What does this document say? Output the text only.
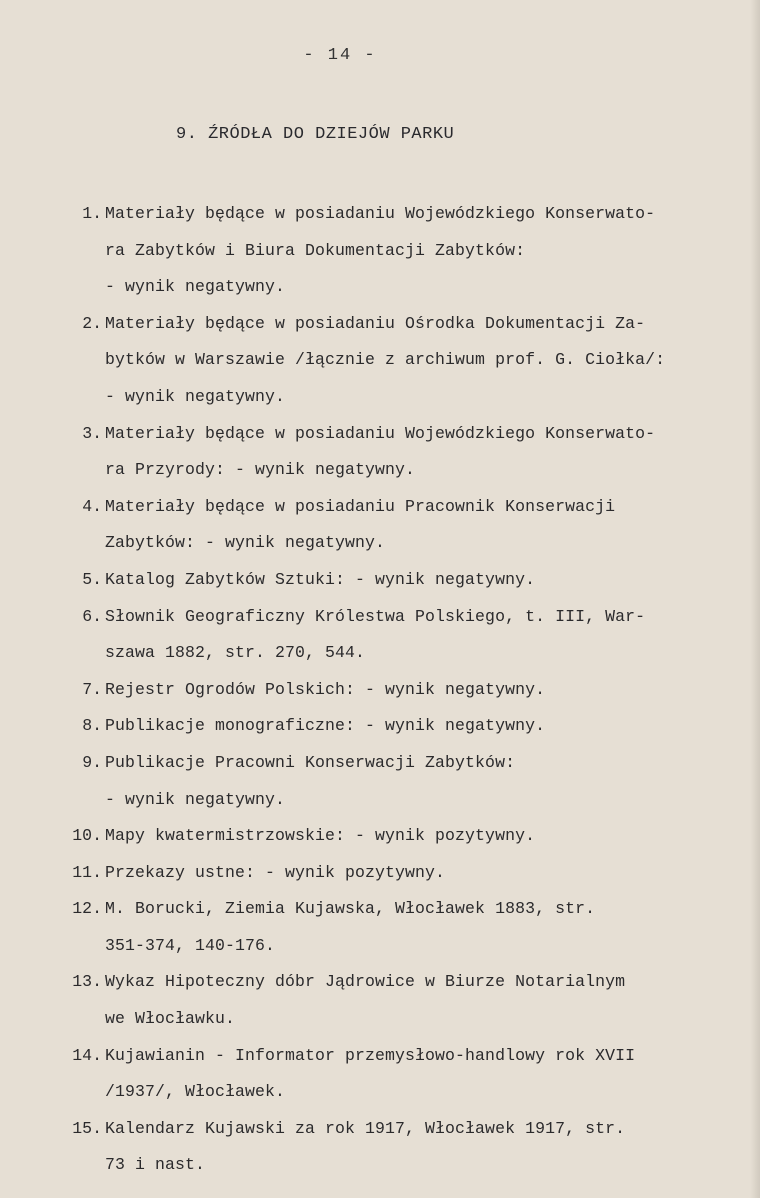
- 14 -
9. ŹRÓDŁA DO DZIEJÓW PARKU
1. Materiały będące w posiadaniu Wojewódzkiego Konserwato-
ra Zabytków i Biura Dokumentacji Zabytków:
- wynik negatywny.
2. Materiały będące w posiadaniu Ośrodka Dokumentacji Za-
bytków w Warszawie /łącznie z archiwum prof. G. Ciołka/:
- wynik negatywny.
3. Materiały będące w posiadaniu Wojewódzkiego Konserwato-
ra Przyrody: - wynik negatywny.
4. Materiały będące w posiadaniu Pracownik Konserwacji
Zabytków: - wynik negatywny.
5. Katalog Zabytków Sztuki: - wynik negatywny.
6. Słownik Geograficzny Królestwa Polskiego, t. III, War-
szawa 1882, str. 270, 544.
7. Rejestr Ogrodów Polskich: - wynik negatywny.
8. Publikacje monograficzne: - wynik negatywny.
9. Publikacje Pracowni Konserwacji Zabytków:
- wynik negatywny.
10. Mapy kwatermistrzowskie: - wynik pozytywny.
11. Przekazy ustne: - wynik pozytywny.
12. M. Borucki, Ziemia Kujawska, Włocławek 1883, str.
351-374, 140-176.
13. Wykaz Hipoteczny dóbr Jądrowice w Biurze Notarialnym
we Włocławku.
14. Kujawianin - Informator przemysłowo-handlowy rok XVII
/1937/, Włocławek.
15. Kalendarz Kujawski za rok 1917, Włocławek 1917, str.
73 i nast.
